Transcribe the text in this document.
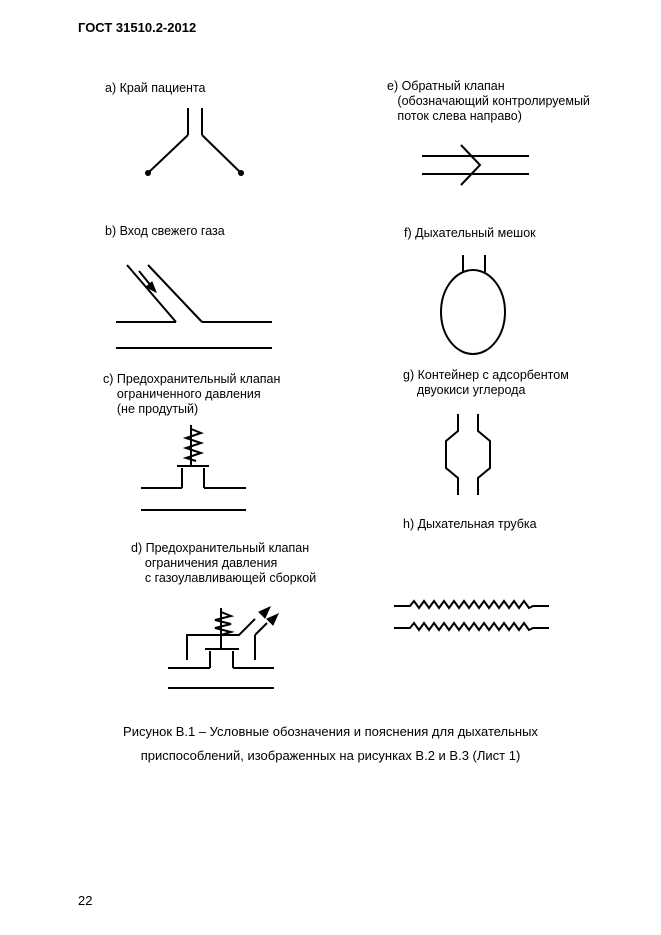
ГОСТ 31510.2-2012
а) Край пациента
b) Вход свежего газа
с) Предохранительный клапан
ограниченного давления
(не продутый)
d) Предохранительный клапан
ограничения давления
с газоулавливающей сборкой
е) Обратный клапан
(обозначающий контролируемый
поток слева направо)
f) Дыхательный мешок
g) Контейнер с адсорбентом
двуокиси углерода
h) Дыхательная трубка
Рисунок В.1 – Условные обозначения и пояснения для дыхательных
приспособлений, изображенных на рисунках В.2 и В.3 (Лист 1)
22
